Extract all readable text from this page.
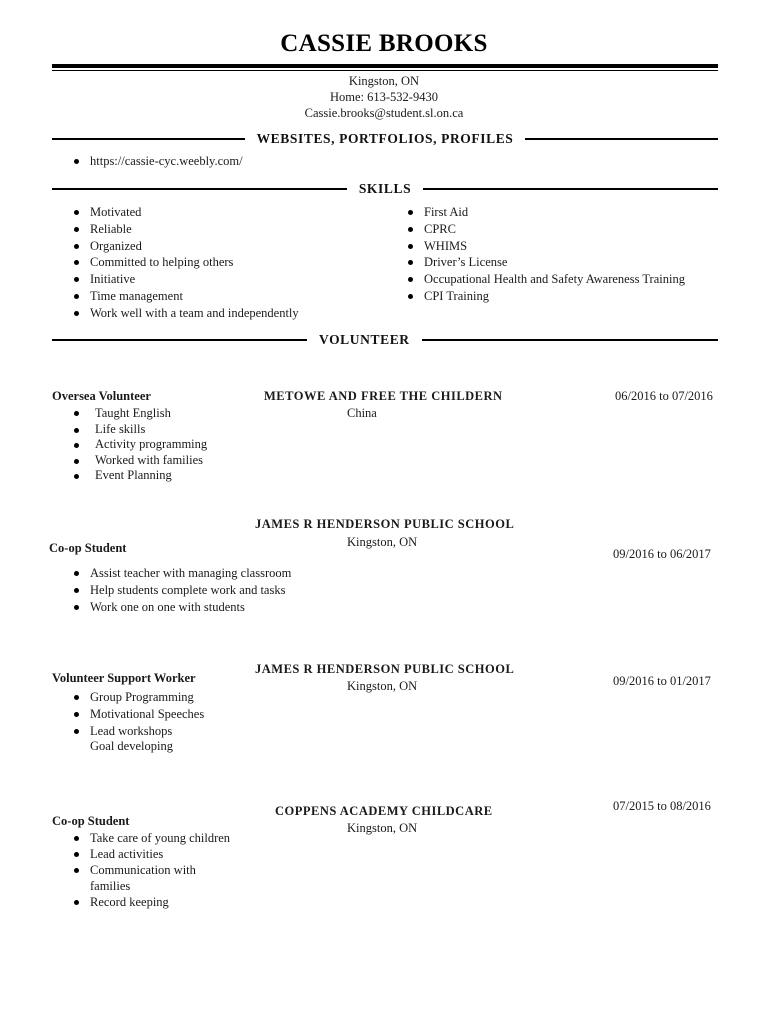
CASSIE BROOKS
Kingston, ON
Home: 613-532-9430
Cassie.brooks@student.sl.on.ca
WEBSITES, PORTFOLIOS, PROFILES
https://cassie-cyc.weebly.com/
SKILLS
Motivated
Reliable
Organized
Committed to helping others
Initiative
Time management
Work well with a team and independently
First Aid
CPRC
WHIMS
Driver’s License
Occupational Health and Safety Awareness Training
CPI Training
VOLUNTEER
Oversea Volunteer	METOWE AND FREE THE CHILDERN
China
06/2016 to 07/2016
Taught English
Life skills
Activity programming
Worked with families
Event Planning
JAMES R HENDERSON PUBLIC SCHOOL
Kingston, ON
Co-op Student	09/2016 to 06/2017
Assist teacher with managing classroom
Help students complete work and tasks
Work one on one with students
JAMES R HENDERSON PUBLIC SCHOOL
Kingston, ON
Volunteer Support Worker	09/2016 to 01/2017
Group Programming
Motivational Speeches
Lead workshops
Goal developing
07/2015 to 08/2016
COPPENS ACADEMY CHILDCARE
Kingston, ON
Co-op Student
Take care of young children
Lead activities
Communication with
families
Record keeping
